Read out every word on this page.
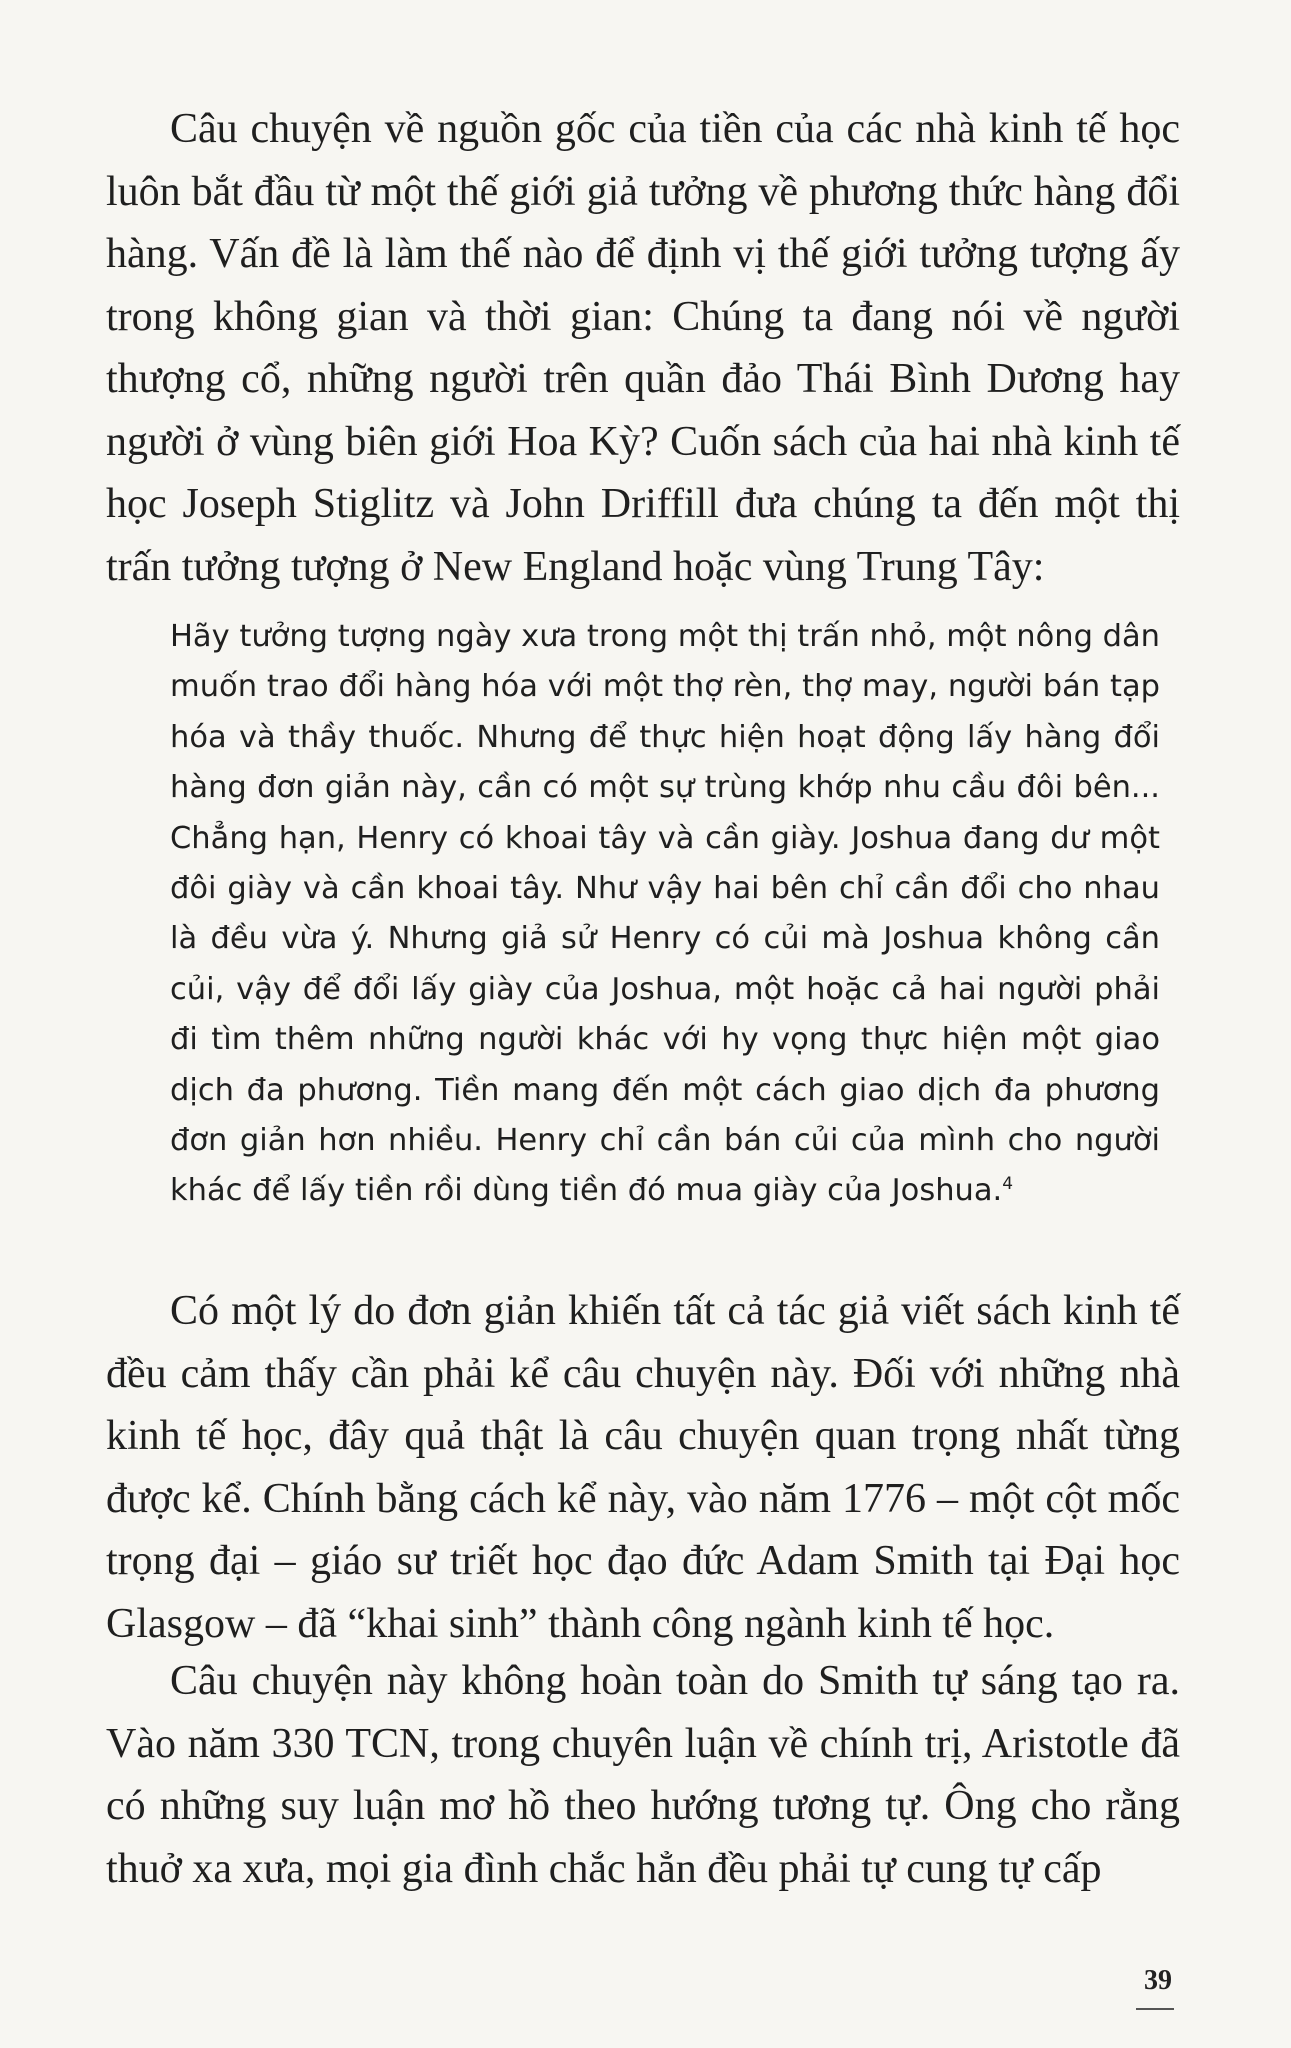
Câu chuyện về nguồn gốc của tiền của các nhà kinh tế học luôn bắt đầu từ một thế giới giả tưởng về phương thức hàng đổi hàng. Vấn đề là làm thế nào để định vị thế giới tưởng tượng ấy trong không gian và thời gian: Chúng ta đang nói về người thượng cổ, những người trên quần đảo Thái Bình Dương hay người ở vùng biên giới Hoa Kỳ? Cuốn sách của hai nhà kinh tế học Joseph Stiglitz và John Driffill đưa chúng ta đến một thị trấn tưởng tượng ở New England hoặc vùng Trung Tây:

Hãy tưởng tượng ngày xưa trong một thị trấn nhỏ, một nông dân muốn trao đổi hàng hóa với một thợ rèn, thợ may, người bán tạp hóa và thầy thuốc. Nhưng để thực hiện hoạt động lấy hàng đổi hàng đơn giản này, cần có một sự trùng khớp nhu cầu đôi bên... Chẳng hạn, Henry có khoai tây và cần giày. Joshua đang dư một đôi giày và cần khoai tây. Như vậy hai bên chỉ cần đổi cho nhau là đều vừa ý. Nhưng giả sử Henry có củi mà Joshua không cần củi, vậy để đổi lấy giày của Joshua, một hoặc cả hai người phải đi tìm thêm những người khác với hy vọng thực hiện một giao dịch đa phương. Tiền mang đến một cách giao dịch đa phương đơn giản hơn nhiều. Henry chỉ cần bán củi của mình cho người khác để lấy tiền rồi dùng tiền đó mua giày của Joshua.$^4$

Có một lý do đơn giản khiến tất cả tác giả viết sách kinh tế đều cảm thấy cần phải kể câu chuyện này. Đối với những nhà kinh tế học, đây quả thật là câu chuyện quan trọng nhất từng được kể. Chính bằng cách kể này, vào năm 1776 – một cột mốc trọng đại – giáo sư triết học đạo đức Adam Smith tại Đại học Glasgow – đã “khai sinh” thành công ngành kinh tế học.

Câu chuyện này không hoàn toàn do Smith tự sáng tạo ra. Vào năm 330 TCN, trong chuyên luận về chính trị, Aristotle đã có những suy luận mơ hồ theo hướng tương tự. Ông cho rằng thuở xa xưa, mọi gia đình chắc hẳn đều phải tự cung tự cấp

39
